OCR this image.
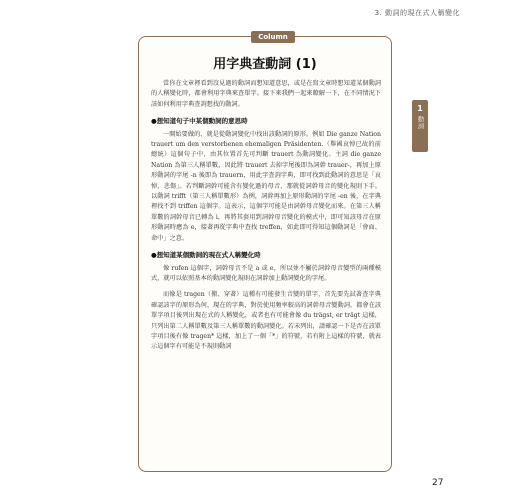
3. 動詞的現在式人稱變化
1
動詞
Column
用字典查動詞 (1)

當你在文章裡看到沒見過的動詞而想知道意思，或是在寫文章時想知道某個動詞的人稱變化時，都會利用字典來查單字。接下來我們一起來瞭解一下，在不同情況下該如何利用字典查詢想找的動詞。

●想知道句子中某個動詞的意思時

一開始要做的，就是從動詞變化中找出該動詞的原形。例如 Die ganze Nation trauert um den verstorbenen ehemaligen Präsidenten.（舉國哀悼已故的前總統）這個句子中，由其位置首先可判斷 trauert 為動詞變化。主詞 die ganze Nation 為第三人稱單數，因此將 trauert 去掉字尾後即為詞幹 trauer-，再加上原形動詞的字尾 -n 後即為 trauern，用此字查詢字典，即可找到此動詞的意思是「哀悼、悲傷」。若判斷詞幹可能含有變化過的母音，那就從詞幹母音的變化規則下手。以動詞 trifft（第三人稱單數形）為例，詞幹再加上原形動詞的字尾 -en 後，在字典裡找不到 triffen 這個字。這表示，這個字可能是由詞幹母音變化而來。在第三人稱單數的詞幹母音已轉為 i，再將其套用到詞幹母音變化的模式中，即可知該母音在原形動詞時應為 e，接著再從字典中查找 treffen，如此即可得知這個動詞是「會面、命中」之意。

●想知道某個動詞的現在式人稱變化時

像 rufen 這個字，詞幹母音不是 a 或 e，所以並不屬於詞幹母音變型的兩種模式，就可以依照基本的動詞變化規則在詞幹加上動詞變化的字尾。

而像是 tragen（搬、穿著）這種有可能發生音變的單字，首先要先試著查字典確認該字的原形為何，現在的字典，對於使用頻率較高的詞幹母音變動詞，都會在該單字項目後列出現在式的人稱變化，或者也有可能會像 du trägst, er trägt 這樣，只列出第二人稱單數及第三人稱單數的動詞變化。若未列出，請確認一下是否在該單字項目後有像 tragen* 這樣，加上了一個「*」的符號，若有附上這樣的符號，就表示這個字有可能是不規則動詞

27
